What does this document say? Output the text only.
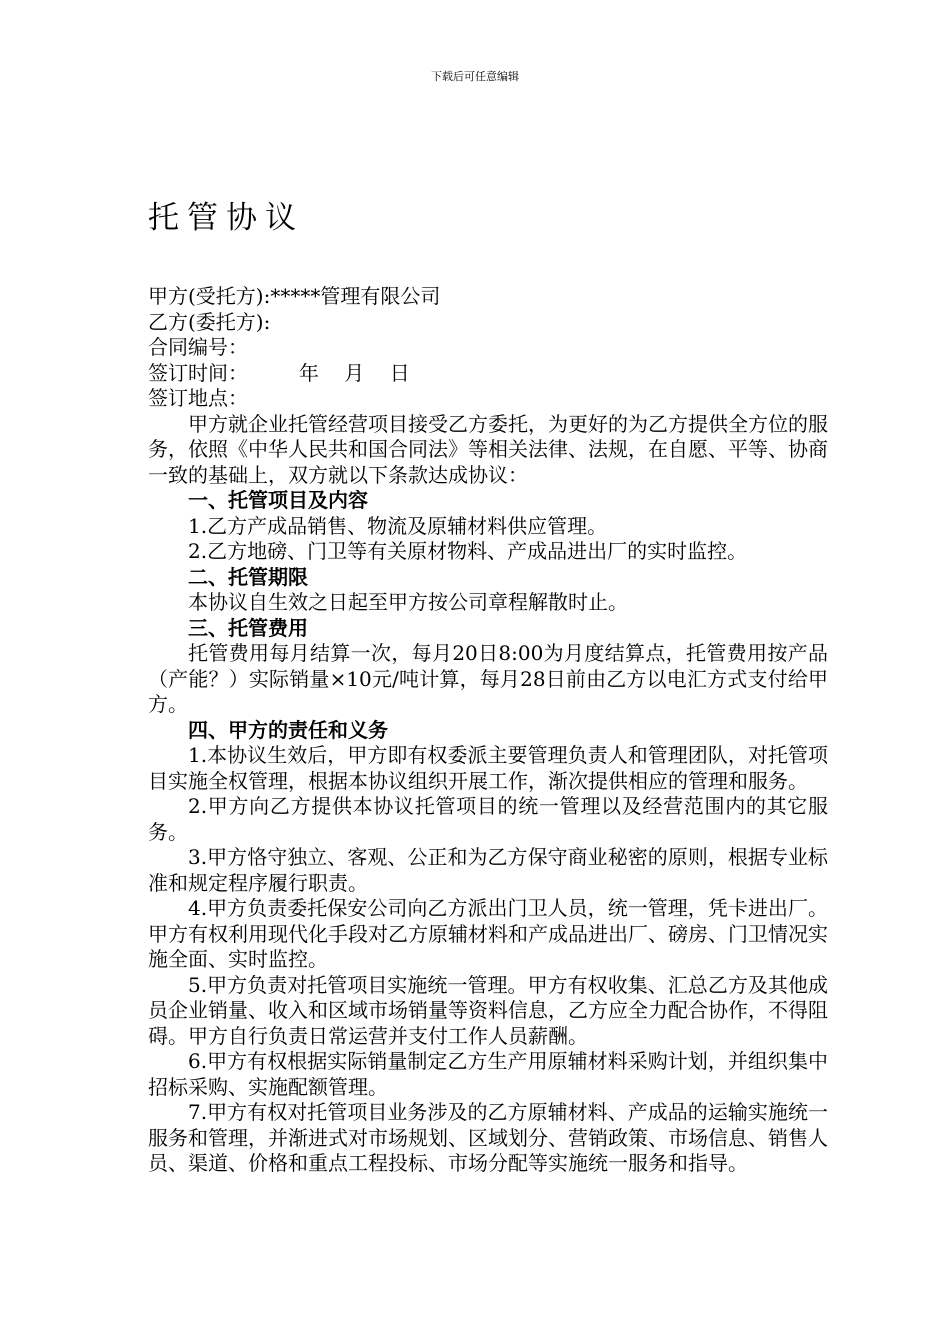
下载后可任意编辑
托管协议
甲方(受托方):*****管理有限公司
乙方(委托方):
合同编号：
签订时间：        年    月    日
签订地点：
甲方就企业托管经营项目接受乙方委托，为更好的为乙方提供全方位的服务，依照《中华人民共和国合同法》等相关法律、法规，在自愿、平等、协商一致的基础上，双方就以下条款达成协议：
一、托管项目及内容
1.乙方产成品销售、物流及原辅材料供应管理。
2.乙方地磅、门卫等有关原材物料、产成品进出厂的实时监控。
二、托管期限
本协议自生效之日起至甲方按公司章程解散时止。
三、托管费用
托管费用每月结算一次，每月20日8:00为月度结算点，托管费用按产品（产能？）实际销量×10元/吨计算，每月28日前由乙方以电汇方式支付给甲方。
四、甲方的责任和义务
1.本协议生效后，甲方即有权委派主要管理负责人和管理团队，对托管项目实施全权管理，根据本协议组织开展工作，渐次提供相应的管理和服务。
2.甲方向乙方提供本协议托管项目的统一管理以及经营范围内的其它服务。
3.甲方恪守独立、客观、公正和为乙方保守商业秘密的原则，根据专业标准和规定程序履行职责。
4.甲方负责委托保安公司向乙方派出门卫人员，统一管理，凭卡进出厂。甲方有权利用现代化手段对乙方原辅材料和产成品进出厂、磅房、门卫情况实施全面、实时监控。
5.甲方负责对托管项目实施统一管理。甲方有权收集、汇总乙方及其他成员企业销量、收入和区域市场销量等资料信息，乙方应全力配合协作，不得阻碍。甲方自行负责日常运营并支付工作人员薪酬。
6.甲方有权根据实际销量制定乙方生产用原辅材料采购计划，并组织集中招标采购、实施配额管理。
7.甲方有权对托管项目业务涉及的乙方原辅材料、产成品的运输实施统一服务和管理，并渐进式对市场规划、区域划分、营销政策、市场信息、销售人员、渠道、价格和重点工程投标、市场分配等实施统一服务和指导。
